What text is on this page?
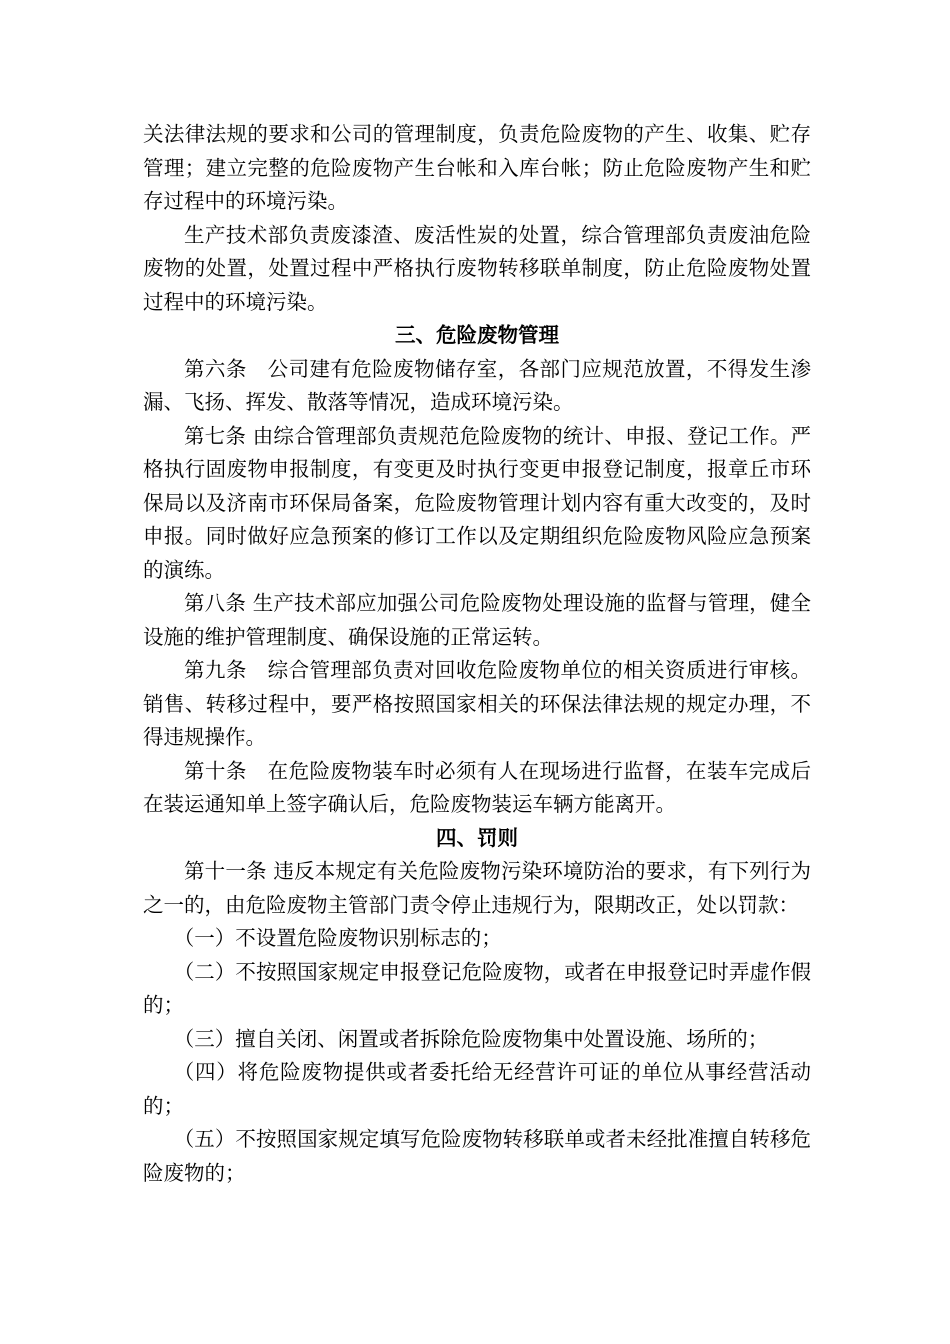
关法律法规的要求和公司的管理制度，负责危险废物的产生、收集、贮存管理；建立完整的危险废物产生台帐和入库台帐；防止危险废物产生和贮存过程中的环境污染。

生产技术部负责废漆渣、废活性炭的处置，综合管理部负责废油危险废物的处置，处置过程中严格执行废物转移联单制度，防止危险废物处置过程中的环境污染。

三、危险废物管理

第六条　公司建有危险废物储存室，各部门应规范放置，不得发生渗漏、飞扬、挥发、散落等情况，造成环境污染。

第七条 由综合管理部负责规范危险废物的统计、申报、登记工作。严格执行固废物申报制度，有变更及时执行变更申报登记制度，报章丘市环保局以及济南市环保局备案，危险废物管理计划内容有重大改变的，及时申报。同时做好应急预案的修订工作以及定期组织危险废物风险应急预案的演练。

第八条 生产技术部应加强公司危险废物处理设施的监督与管理，健全设施的维护管理制度、确保设施的正常运转。

第九条　综合管理部负责对回收危险废物单位的相关资质进行审核。销售、转移过程中，要严格按照国家相关的环保法律法规的规定办理，不得违规操作。

第十条　在危险废物装车时必须有人在现场进行监督，在装车完成后在装运通知单上签字确认后，危险废物装运车辆方能离开。

四、罚则

第十一条 违反本规定有关危险废物污染环境防治的要求，有下列行为之一的，由危险废物主管部门责令停止违规行为，限期改正，处以罚款：

（一）不设置危险废物识别标志的；

（二）不按照国家规定申报登记危险废物，或者在申报登记时弄虚作假的；

（三）擅自关闭、闲置或者拆除危险废物集中处置设施、场所的；

（四）将危险废物提供或者委托给无经营许可证的单位从事经营活动的；

（五）不按照国家规定填写危险废物转移联单或者未经批准擅自转移危险废物的；
